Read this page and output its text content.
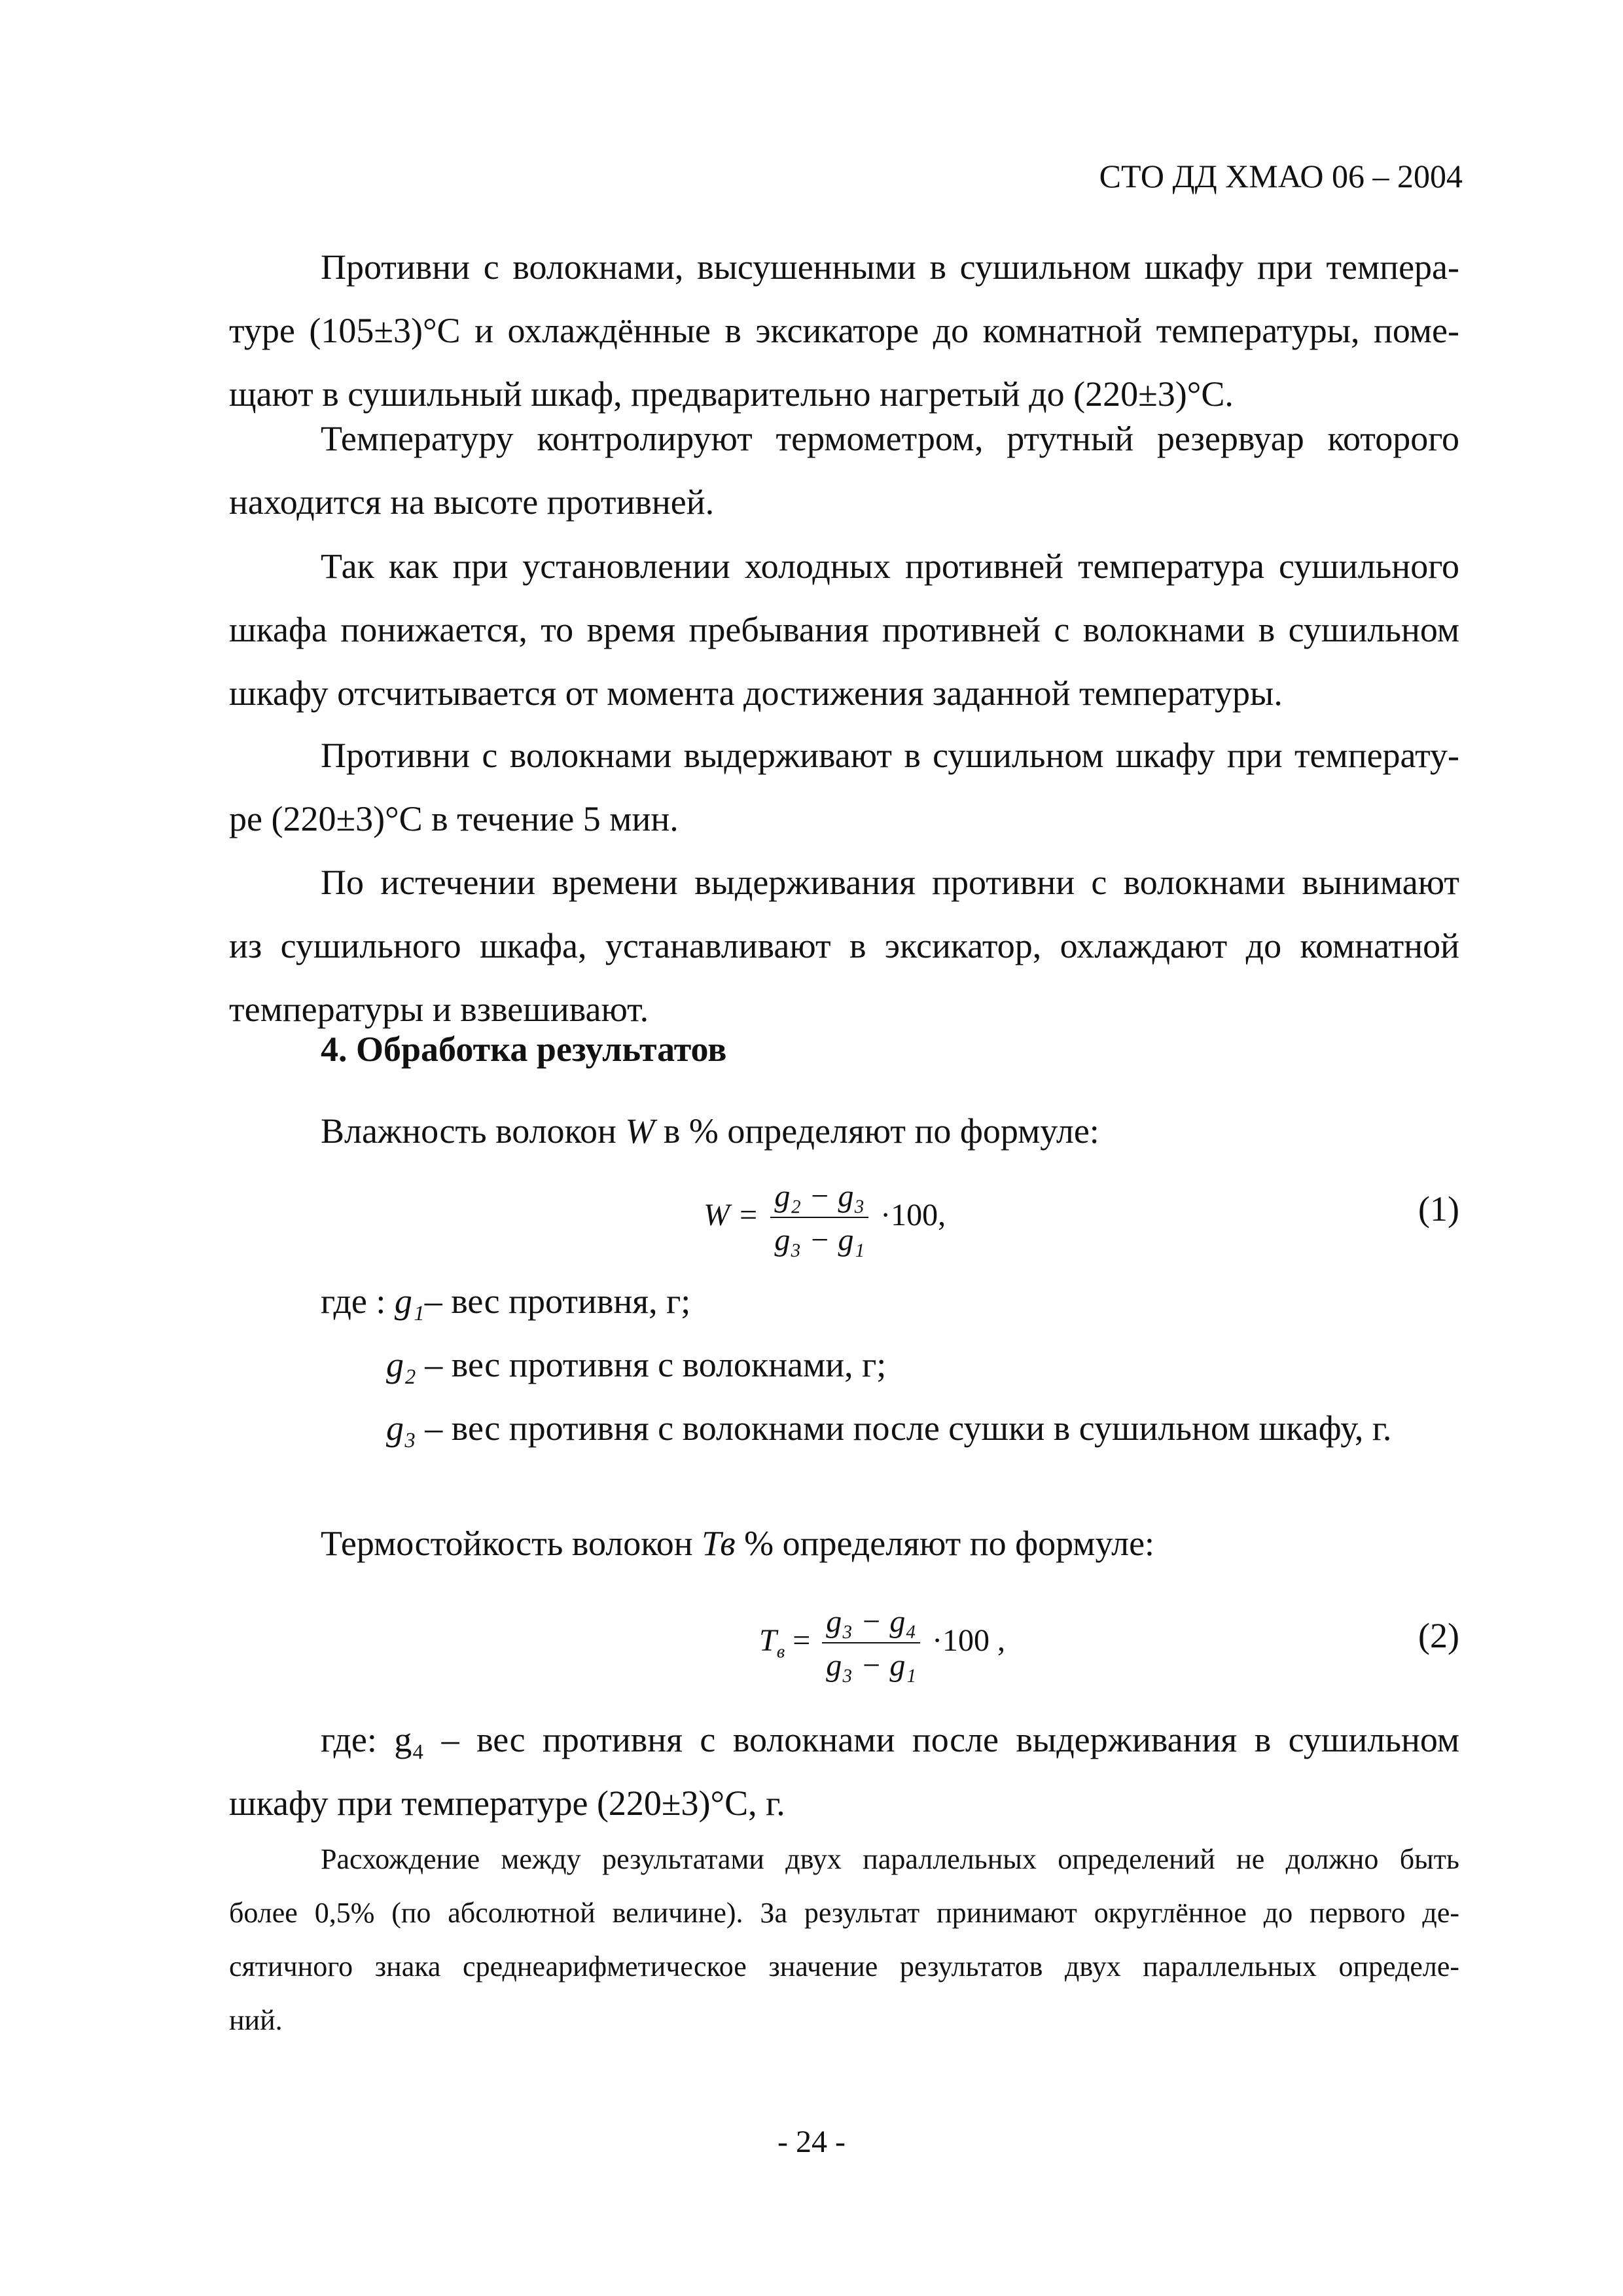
СТО ДД ХМАО 06 – 2004
Противни с волокнами, высушенными в сушильном шкафу при темпера-
туре (105±3)°С и охлаждённые в эксикаторе до комнатной температуры, поме-
щают в сушильный шкаф, предварительно нагретый до (220±3)°С.
Температуру контролируют термометром, ртутный резервуар которого
находится на высоте противней.
Так как при установлении холодных противней температура сушильного
шкафа понижается, то время пребывания противней с волокнами в сушильном
шкафу отсчитывается от момента достижения заданной температуры.
Противни с волокнами выдерживают в сушильном шкафу при температу-
ре (220±3)°С в течение 5 мин.
По истечении времени выдерживания противни с волокнами вынимают
из сушильного шкафа, устанавливают в эксикатор, охлаждают до комнатной
температуры и взвешивают.
4. Обработка результатов
Влажность волокон W в % определяют по формуле:
$W = \frac{\text{g₂ − g₃}}{\text{g₃ − g₁}} \cdot 100$,	(1)
где : g₁– вес противня, г;
g₂ – вес противня с волокнами, г;
g₃ – вес противня с волокнами после сушки в сушильном шкафу, г.
Термостойкость волокон Тв % определяют по формуле:
$Т_в = \frac{\text{g₃ − g₄}}{\text{g₃ − g₁}} \cdot 100$ ,	(2)
где: g₄ – вес противня с волокнами после выдерживания в сушильном
шкафу при температуре (220±3)°С, г.
Расхождение между результатами двух параллельных определений не должно быть
более 0,5% (по абсолютной величине). За результат принимают округлённое до первого де-
сятичного знака среднеарифметическое значение результатов двух параллельных определе-
ний.
- 24 -
